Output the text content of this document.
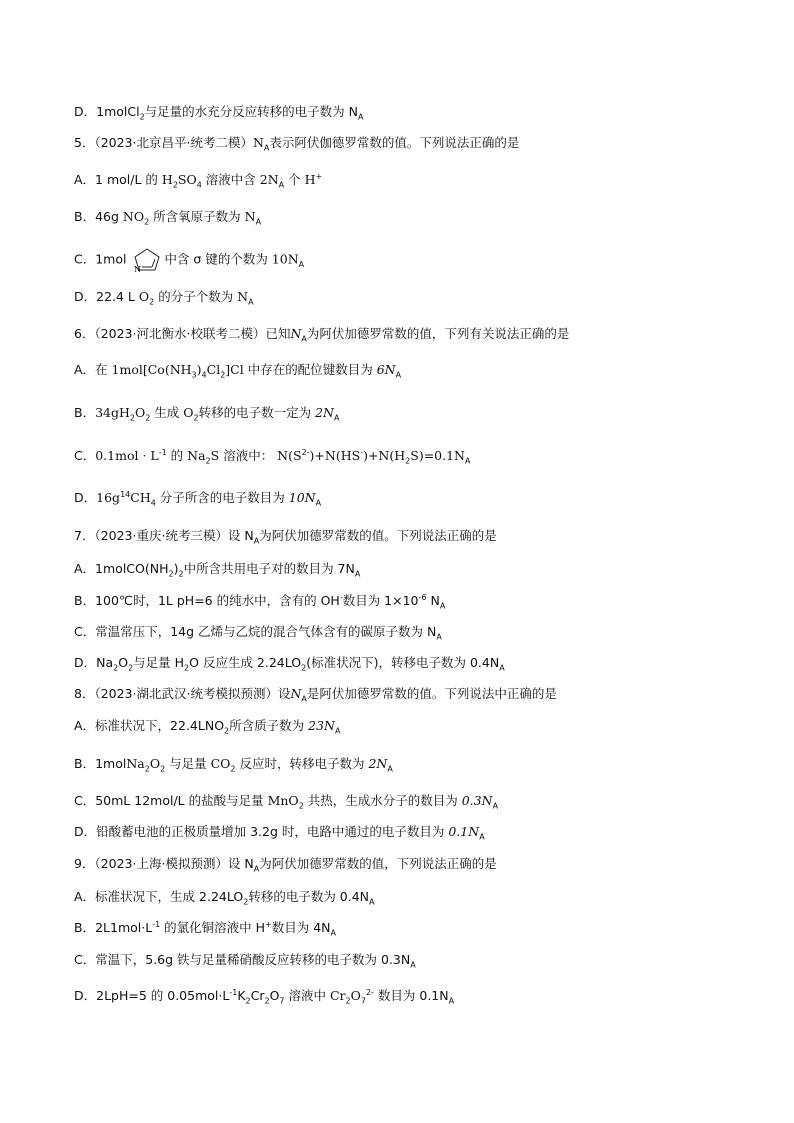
D．1molCl$_2$与足量的水充分反应转移的电子数为 $N_A$
5．（2023·北京昌平·统考二模）$N_A$表示阿伏伽德罗常数的值。下列说法正确的是
A．1 mol/L 的 $H_2SO_4$ 溶液中含 $2N_A$ 个 H+
B．46g $NO_2$ 所含氧原子数为 $N_A$
C．1mol
N
中含 σ 键的个数为 $10N_A$
D．22.4 L $O_2$ 的分子个数为 $N_A$
6．（2023·河北衡水·校联考二模）已知$N_A$为阿伏加德罗常数的值，下列有关说法正确的是
A．在 $1mol[Co(NH_3)_4Cl_2]Cl$ 中存在的配位键数目为 $6N_A$
B．$34gH_2O_2$ 生成 $O_2$转移的电子数一定为 $2N_A$
C．$0.1mol \cdot L^{-1}$ 的 $Na_2S$ 溶液中： $N(S^{2-})+N(HS^-)+N(H_2S)=0.1N_A$
D．$16g^{14}CH_4$ 分子所含的电子数目为 $10N_A$
7．（2023·重庆·统考三模）设 $N_A$为阿伏加德罗常数的值。下列说法正确的是
A．$1molCO(NH_2)_2$中所含共用电子对的数目为 $7N_A$
B．100℃时，1L pH=6 的纯水中，含有的 OH-数目为 $1\times 10^{-6}$ $N_A$
C．常温常压下，14g 乙烯与乙烷的混合气体含有的碳原子数为 $N_A$
D．$Na_2O_2$与足量 $H_2O$ 反应生成 $2.24LO_2$(标准状况下)，转移电子数为 $0.4N_A$
8．（2023·湖北武汉·统考模拟预测）设$N_A$是阿伏加德罗常数的值。下列说法中正确的是
A．标准状况下，$22.4LNO_2$所含质子数为 $23N_A$
B．$1molNa_2O_2$ 与足量 $CO_2$ 反应时，转移电子数为 $2N_A$
C．50mL 12mol/L 的盐酸与足量 MnO$_2$ 共热，生成水分子的数目为 $0.3N_A$
D．铅酸蓄电池的正极质量增加 3.2g 时，电路中通过的电子数目为 $0.1N_A$
9．（2023·上海·模拟预测）设 $N_A$为阿伏加德罗常数的值，下列说法正确的是
A．标准状况下，生成 $2.24LO_2$转移的电子数为 $0.4N_A$
B．$2L1mol\cdot L^{-1}$ 的氯化铜溶液中 H+数目为 $4N_A$
C．常温下，5.6g 铁与足量稀硝酸反应转移的电子数为 $0.3N_A$
D．2LpH=5 的 $0.05mol\cdot L^{-1}K_2Cr_2O_7$ 溶液中 $Cr_2O_7^{2-}$ 数目为 $0.1N_A$
